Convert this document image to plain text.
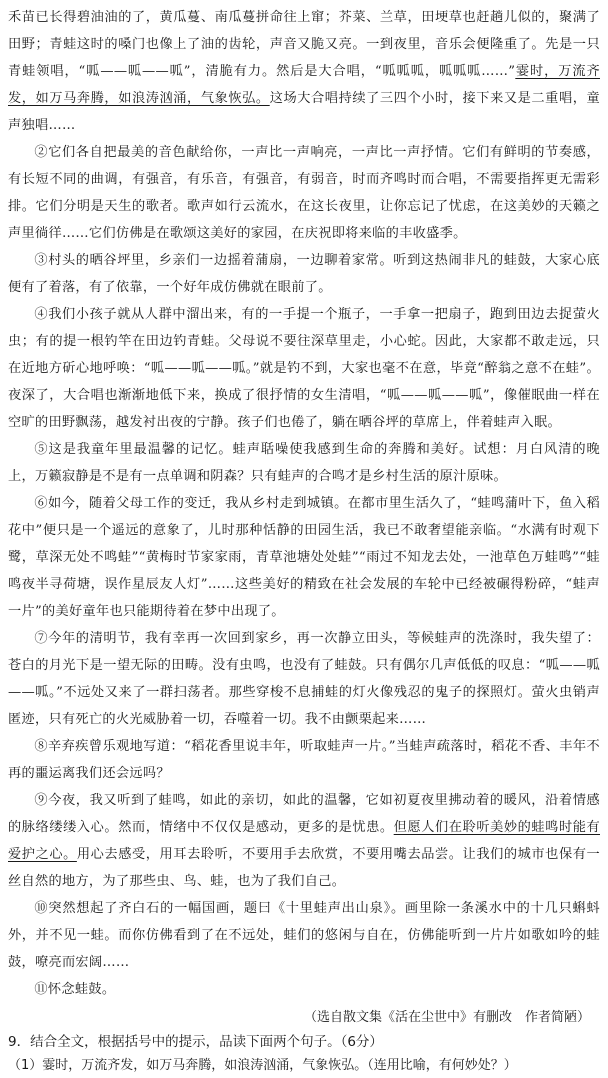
禾苗已长得碧油油的了，黄瓜蔓、南瓜蔓拼命往上窜；芥菜、兰草，田埂草也赶趟儿似的，聚满了田野；青蛙这时的嗓门也像上了油的齿轮，声音又脆又亮。一到夜里，音乐会便隆重了。先是一只青蛙领唱，“呱——呱——呱”，清脆有力。然后是大合唱，“呱呱呱，呱呱呱……”霎时，万流齐发，如万马奔腾，如浪涛汹涌，气象恢弘。这场大合唱持续了三四个小时，接下来又是二重唱，童声独唱……

②它们各自把最美的音色献给你，一声比一声响亮，一声比一声抒情。它们有鲜明的节奏感，有长短不同的曲调，有强音，有乐音，有强音，有弱音，时而齐鸣时而合唱，不需要指挥更无需彩排。它们分明是天生的歌者。歌声如行云流水，在这长夜里，让你忘记了忧虑，在这美妙的天籁之声里徜徉……它们仿佛是在歌颂这美好的家园，在庆祝即将来临的丰收盛季。

③村头的晒谷坪里，乡亲们一边摇着蒲扇，一边聊着家常。听到这热闹非凡的蛙鼓，大家心底便有了着落，有了依靠，一个好年成仿佛就在眼前了。

④我们小孩子就从人群中溜出来，有的一手提一个瓶子，一手拿一把扇子，跑到田边去捉萤火虫；有的提一根钓竿在田边钓青蛙。父母说不要往深草里走，小心蛇。因此，大家都不敢走远，只在近地方斫心地呼唤：“呱——呱——呱。”就是钓不到，大家也毫不在意，毕竟“醉翁之意不在蛙”。夜深了，大合唱也渐渐地低下来，换成了很抒情的女生清唱，“呱——呱——呱”，像催眠曲一样在空旷的田野飘荡，越发衬出夜的宁静。孩子们也倦了，躺在晒谷坪的草席上，伴着蛙声入眠。

⑤这是我童年里最温馨的记忆。蛙声聒噪使我感到生命的奔腾和美好。试想：月白风清的晚上，万籁寂静是不是有一点单调和阴森？只有蛙声的合鸣才是乡村生活的原汁原味。

⑥如今，随着父母工作的变迁，我从乡村走到城镇。在都市里生活久了，“蛙鸣蒲叶下，鱼入稻花中”便只是一个遥远的意象了，儿时那种恬静的田园生活，我已不敢奢望能亲临。“水满有时观下鹭，草深无处不鸣蛙”“黄梅时节家家雨，青草池塘处处蛙”“雨过不知龙去处，一池草色万蛙鸣”“蛙鸣夜半寻荷塘，误作星辰友人灯”……这些美好的精致在社会发展的车轮中已经被碾得粉碎，“蛙声一片”的美好童年也只能期待着在梦中出现了。

⑦今年的清明节，我有幸再一次回到家乡，再一次静立田头，等候蛙声的洗涤时，我失望了：苍白的月光下是一望无际的田畴。没有虫鸣，也没有了蛙鼓。只有偶尔几声低低的叹息：“呱——呱——呱。”不远处又来了一群扫荡者。那些穿梭不息捕蛙的灯火像残忍的鬼子的探照灯。萤火虫销声匿迹，只有死亡的火光威胁着一切，吞噬着一切。我不由颤栗起来……

⑧辛弃疾曾乐观地写道：“稻花香里说丰年，听取蛙声一片。”当蛙声疏落时，稻花不香、丰年不再的噩运离我们还会远吗？

⑨今夜，我又听到了蛙鸣，如此的亲切，如此的温馨，它如初夏夜里拂动着的暖风，沿着情感的脉络缕缕入心。然而，情绪中不仅仅是感动，更多的是忧患。但愿人们在聆听美妙的蛙鸣时能有爱护之心。用心去感受，用耳去聆听，不要用手去欣赏，不要用嘴去品尝。让我们的城市也保有一丝自然的地方，为了那些虫、鸟、蛙，也为了我们自己。

⑩突然想起了齐白石的一幅国画，题曰《十里蛙声出山泉》。画里除一条溪水中的十几只蝌蚪外，并不见一蛙。而你仿佛看到了在不远处，蛙们的悠闲与自在，仿佛能听到一片片如歌如吟的蛙鼓，嘹亮而宏阔……

⑪怀念蛙鼓。

（选自散文集《活在尘世中》有删改　作者简陋）

9．结合全文，根据括号中的提示，品读下面两个句子。（6分）

（1）霎时，万流齐发，如万马奔腾，如浪涛汹涌，气象恢弘。（连用比喻，有何妙处？）
